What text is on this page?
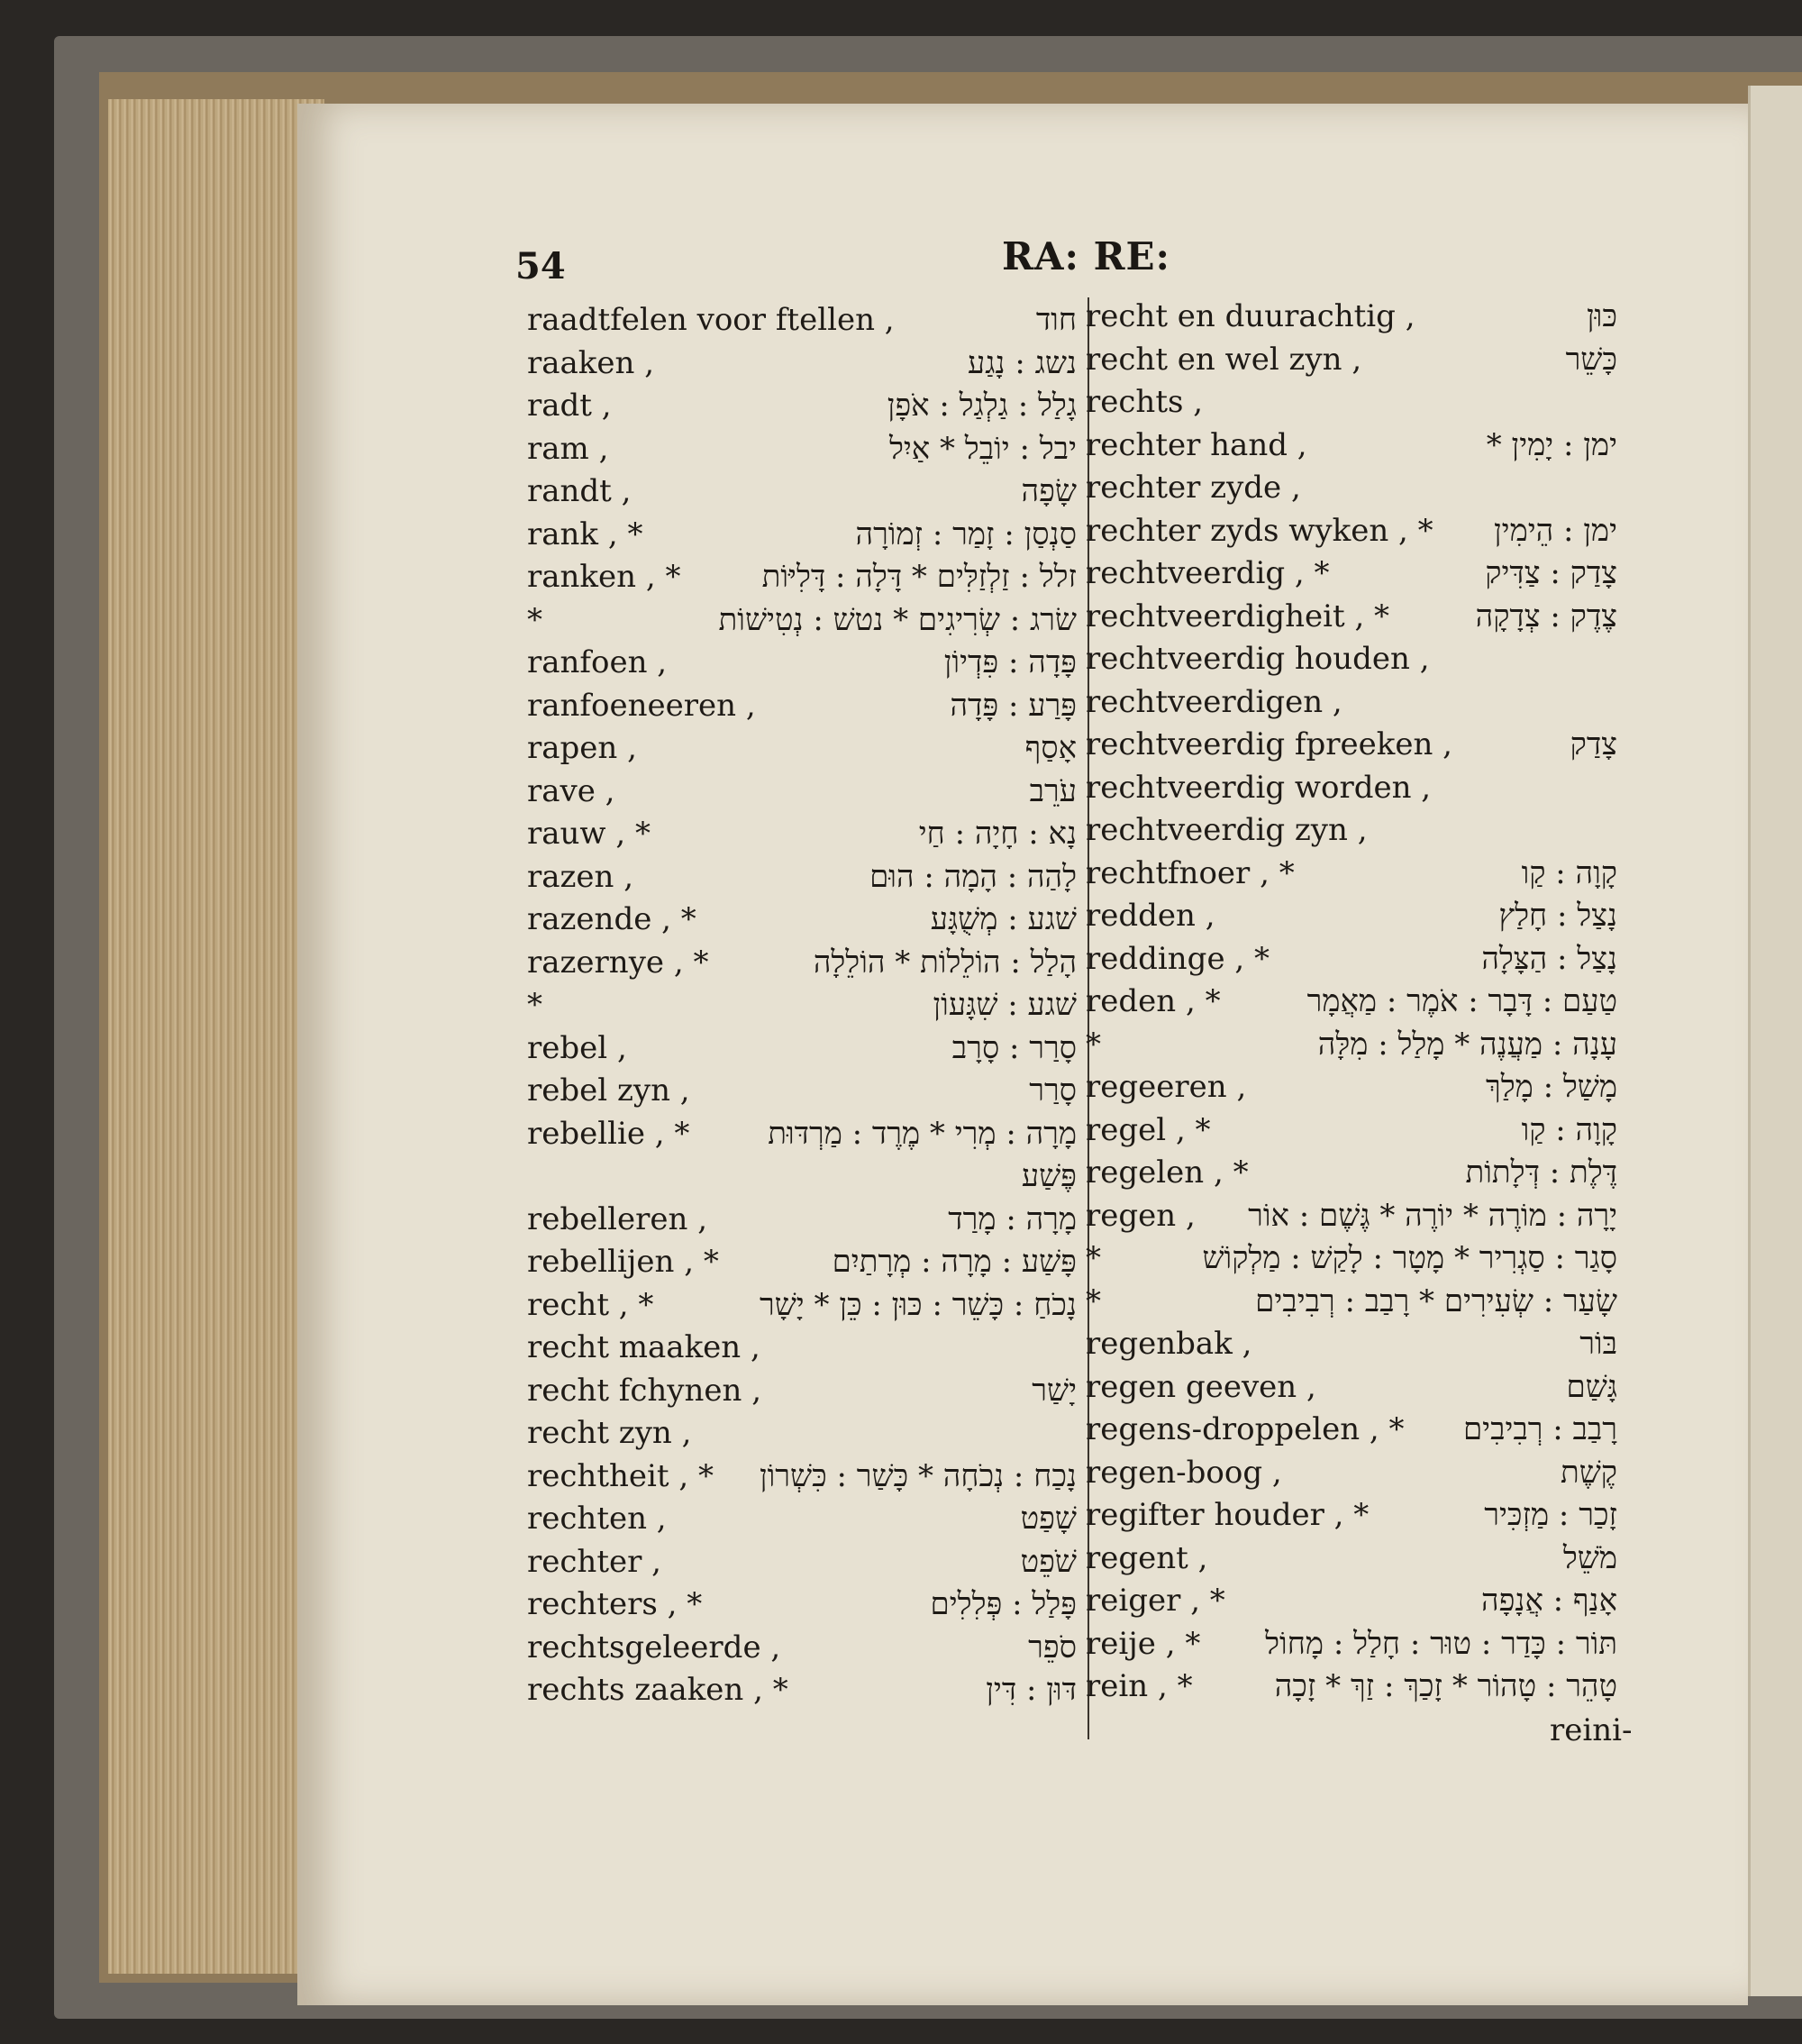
54	RA: RE:
raadtfelen voor ftellen ,	חוד
raaken ,	נשג : נָגַע
radt ,	גָלַל : גַלְגַל : אֹפָן
ram ,	יבל : יוֹבֵל * אַיִל
randt ,	שָׂפָה
rank , *	סַנְסַן : זָמַר : זְמוֹרָה
ranken , *	זלל : זַלְזַלִּים * דָּלָה : דָּלִיּוֹת
*	שׂרג : שְׂרִיגִים * נטשׁ : נְטִישׁוֹת
ranfoen ,	פָּדָה : פִּדְיוֹן
ranfoeneeren ,	פָּרַע : פָּדָה
rapen ,	אָסַף
rave ,	עֹרֵב
rauw , *	נָא : חָיָה : חַי
razen ,	לָהַה : הָמָה : הוּם
razende , *	שׁגע : מְשֻׁגָּע
razernye , *	הָלַל : הוֹלֵלוֹת * הוֹלֵלָה
*	שׁגע : שִׁגָּעוֹן
rebel ,	סָרַר : סָרָב
rebel zyn ,	סָרַר
rebellie , *	מָרָה : מְרִי * מֶרֶד : מַרְדּוּת
פֶּשַׁע
rebelleren ,	מָרָה : מָרַד
rebellijen , *	פָּשַׁע : מָרָה : מְרָתַיִם
recht , *	נָכֹחַ : כָּשֵׁר : כּוּן : כֵּן * יָשָׁר
recht maaken ,
recht fchynen ,	יָשַׁר
recht zyn ,
rechtheit , * נָכַח : נְכֹחָה * כָּשַׁר : כִּשְׁרוֹן
rechten ,	שָׁפַט
rechter ,	שֹׁפֵט
rechters , *	פָּלַל : פְּלִלִים
rechtsgeleerde ,	סֹפֵר
rechts zaaken , *	דּוּן : דִּין
recht en duurachtig ,	כּוּן
recht en wel zyn ,	כָּשֵׁר
rechts ,
rechter hand ,	ימן : יָמִין *
rechter zyde ,
rechter zyds wyken , * ימן : הֵימִין
rechtveerdig , *	צָדַק : צַדִּיק
rechtveerdigheit , *	צֶדֶק : צְדָקָה
rechtveerdig houden ,
rechtveerdigen ,
rechtveerdig fpreeken ,	צָדַק
rechtveerdig worden ,
rechtveerdig zyn ,
rechtfnoer , *	קָוָה : קַו
redden ,	נָצַל : חָלַץ
reddinge , *	נָצַל : הַצָּלָה
reden , *	טַעַם : דָּבָר : אֹמֶר : מַאֲמָר
*	עָנָה : מַעֲנֶה * מָלַל : מִלָּה
regeeren ,	מָשַׁל : מָלַךְ
regel , *	קָוָה : קַו
regelen , *	דֶּלֶת : דְּלָתוֹת
regen , יָרָה : מוֹרֶה * יוֹרֶה * גֶּשֶׁם : אוֹר
*	סָגַר : סַגְרִיר * מָטָר : לָקַשׁ : מַלְקוֹשׁ
*	שָׂעַר : שְׂעִירִים * רָבַב : רְבִיבִים
regenbak ,	בּוֹר
regen geeven ,	גָּשַׁם
regens-droppelen , * רָבַב : רְבִיבִים
regen-boog ,	קֶשֶׁת
regifter houder , *	זָכַר : מַזְכִּיר
regent ,	מֹשֵׁל
reiger , *	אָנַף : אֲנָפָה
reije , * תּוֹר : כָּדַר : טוּר : חָלַל : מָחוֹל
rein , *	טָהֵר : טָהוֹר * זָכַךְ : זַךְ * זָכָה
reini-
